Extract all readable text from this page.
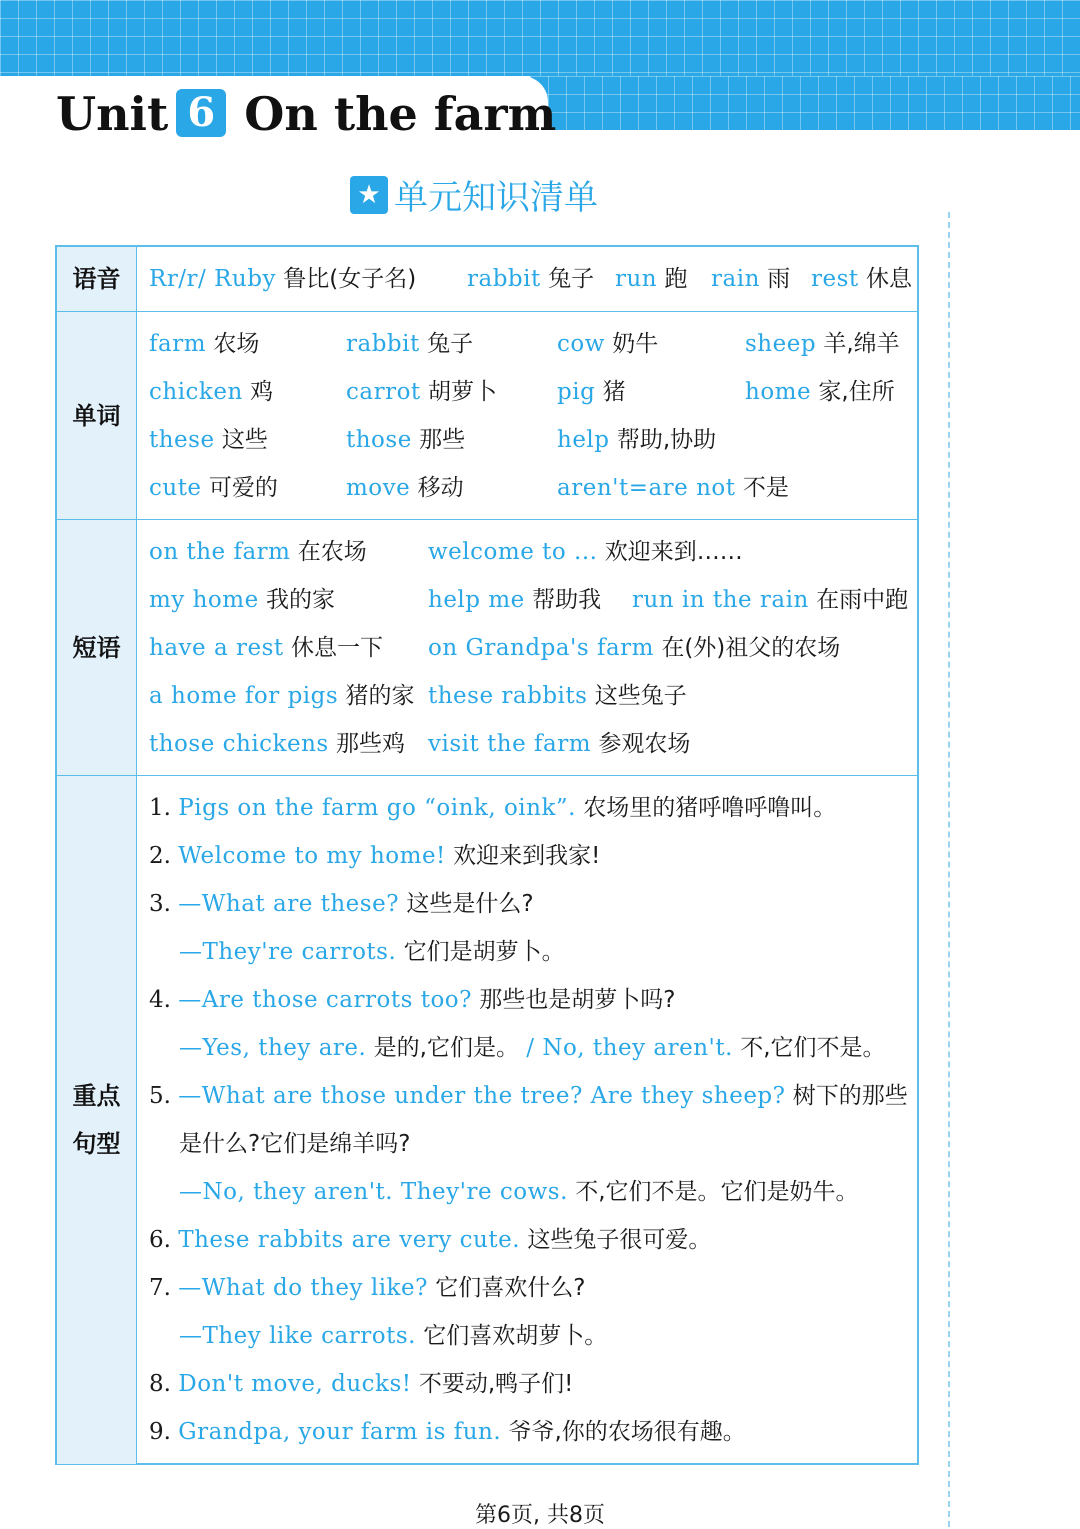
Unit 6 On the farm
★ 单元知识清单
语音	Rr/r/ Ruby 鲁比(女子名) rabbit 兔子 run 跑 rain 雨 rest 休息
单词
farm 农场	rabbit 兔子	cow 奶牛	sheep 羊,绵羊
chicken 鸡	carrot 胡萝卜	pig 猪	home 家,住所
these 这些	those 那些	help 帮助,协助
cute 可爱的	move 移动	aren't=are not 不是
短语
on the farm 在农场	welcome to ... 欢迎来到……
my home 我的家	help me 帮助我 run in the rain 在雨中跑
have a rest 休息一下 on Grandpa's farm 在(外)祖父的农场
a home for pigs 猪的家 these rabbits 这些兔子
those chickens 那些鸡 visit the farm 参观农场
重点
句型
1. Pigs on the farm go “oink, oink”. 农场里的猪呼噜呼噜叫。
2. Welcome to my home! 欢迎来到我家!
3. —What are these? 这些是什么?
—They're carrots. 它们是胡萝卜。
4. —Are those carrots too? 那些也是胡萝卜吗?
—Yes, they are. 是的,它们是。 / No, they aren't. 不,它们不是。
5. —What are those under the tree? Are they sheep? 树下的那些
是什么?它们是绵羊吗?
—No, they aren't. They're cows. 不,它们不是。它们是奶牛。
6. These rabbits are very cute. 这些兔子很可爱。
7. —What do they like? 它们喜欢什么?
—They like carrots. 它们喜欢胡萝卜。
8. Don't move, ducks! 不要动,鸭子们!
9. Grandpa, your farm is fun. 爷爷,你的农场很有趣。
第6页, 共8页
